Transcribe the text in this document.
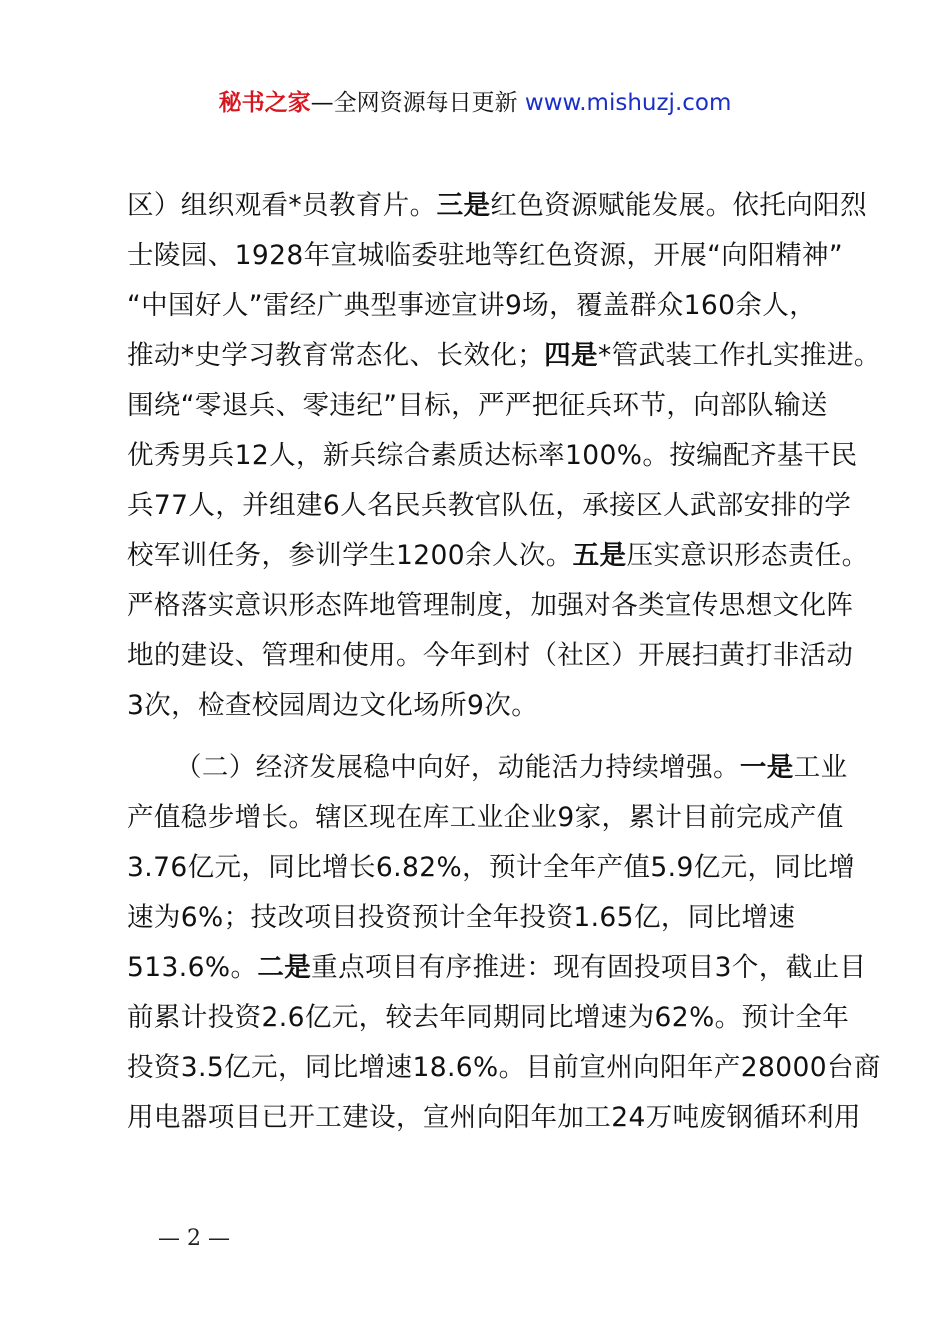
秘书之家—全网资源每日更新 www.mishuzj.com
区）组织观看*员教育片。三是红色资源赋能发展。依托向阳烈
士陵园、1928年宣城临委驻地等红色资源，开展“向阳精神”
“中国好人”雷经广典型事迹宣讲9场，覆盖群众160余人，
推动*史学习教育常态化、长效化；四是*管武装工作扎实推进。
围绕“零退兵、零违纪”目标，严严把征兵环节，向部队输送
优秀男兵12人，新兵综合素质达标率100%。按编配齐基干民
兵77人，并组建6人名民兵教官队伍，承接区人武部安排的学
校军训任务，参训学生1200余人次。五是压实意识形态责任。
严格落实意识形态阵地管理制度，加强对各类宣传思想文化阵
地的建设、管理和使用。今年到村（社区）开展扫黄打非活动
3次，检查校园周边文化场所9次。
（二）经济发展稳中向好，动能活力持续增强。一是工业
产值稳步增长。辖区现在库工业企业9家，累计目前完成产值
3.76亿元，同比增长6.82%，预计全年产值5.9亿元，同比增
速为6%；技改项目投资预计全年投资1.65亿，同比增速
513.6%。二是重点项目有序推进：现有固投项目3个，截止目
前累计投资2.6亿元，较去年同期同比增速为62%。预计全年
投资3.5亿元，同比增速18.6%。目前宣州向阳年产28000台商
用电器项目已开工建设，宣州向阳年加工24万吨废钢循环利用
— 2 —
